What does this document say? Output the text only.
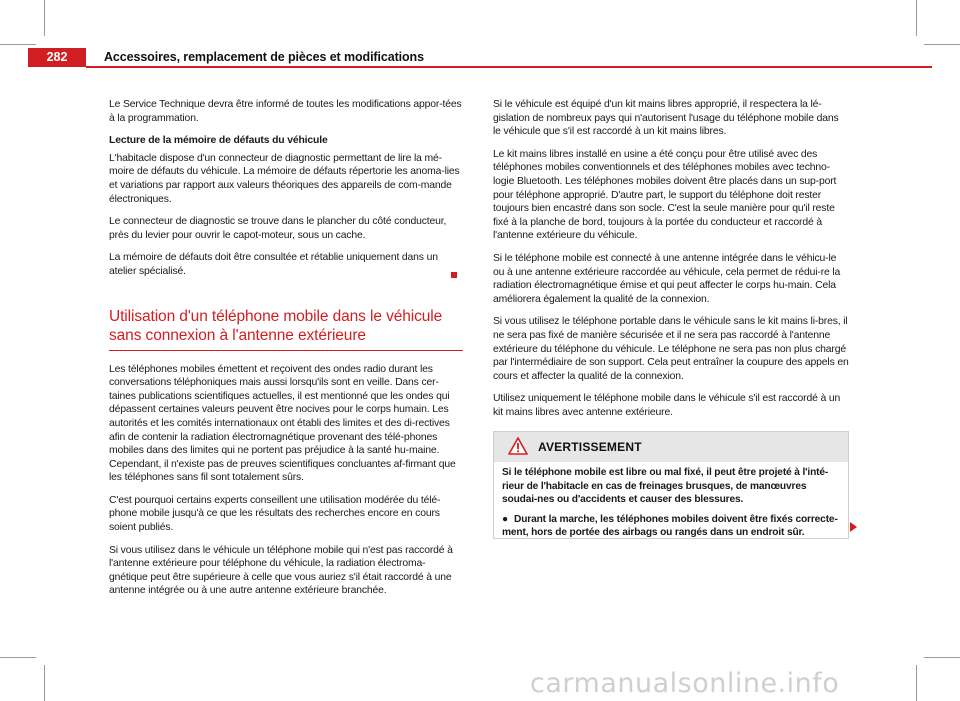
282	Accessoires, remplacement de pièces et modifications

Le Service Technique devra être informé de toutes les modifications appor-tées à la programmation.

Lecture de la mémoire de défauts du véhicule

L'habitacle dispose d'un connecteur de diagnostic permettant de lire la mé-moire de défauts du véhicule. La mémoire de défauts répertorie les anoma-lies et variations par rapport aux valeurs théoriques des appareils de com-mande électroniques.

Le connecteur de diagnostic se trouve dans le plancher du côté conducteur, près du levier pour ouvrir le capot-moteur, sous un cache.

La mémoire de défauts doit être consultée et rétablie uniquement dans un atelier spécialisé.

Utilisation d'un téléphone mobile dans le véhicule sans connexion à l'antenne extérieure

Les téléphones mobiles émettent et reçoivent des ondes radio durant les conversations téléphoniques mais aussi lorsqu'ils sont en veille. Dans cer-taines publications scientifiques actuelles, il est mentionné que les ondes qui dépassent certaines valeurs peuvent être nocives pour le corps humain. Les autorités et les comités internationaux ont établi des limites et des di-rectives afin de contenir la radiation électromagnétique provenant des télé-phones mobiles dans des limites qui ne portent pas préjudice à la santé hu-maine. Cependant, il n'existe pas de preuves scientifiques concluantes af-firmant que les téléphones sans fil sont totalement sûrs.

C'est pourquoi certains experts conseillent une utilisation modérée du télé-phone mobile jusqu'à ce que les résultats des recherches encore en cours soient publiés.

Si vous utilisez dans le véhicule un téléphone mobile qui n'est pas raccordé à l'antenne extérieure pour téléphone du véhicule, la radiation électroma-gnétique peut être supérieure à celle que vous auriez s'il était raccordé à une antenne intégrée ou à une autre antenne extérieure branchée.

Si le véhicule est équipé d'un kit mains libres approprié, il respectera la lé-gislation de nombreux pays qui n'autorisent l'usage du téléphone mobile dans le véhicule que s'il est raccordé à un kit mains libres.

Le kit mains libres installé en usine a été conçu pour être utilisé avec des téléphones mobiles conventionnels et des téléphones mobiles avec techno-logie Bluetooth. Les téléphones mobiles doivent être placés dans un sup-port pour téléphone approprié. D'autre part, le support du téléphone doit rester toujours bien encastré dans son socle. C'est la seule manière pour qu'il reste fixé à la planche de bord, toujours à la portée du conducteur et raccordé à l'antenne extérieure du véhicule.

Si le téléphone mobile est connecté à une antenne intégrée dans le véhicu-le ou à une antenne extérieure raccordée au véhicule, cela permet de rédui-re la radiation électromagnétique émise et qui peut affecter le corps hu-main. Cela améliorera également la qualité de la connexion.

Si vous utilisez le téléphone portable dans le véhicule sans le kit mains li-bres, il ne sera pas fixé de manière sécurisée et il ne sera pas raccordé à l'antenne extérieure du téléphone du véhicule. Le téléphone ne sera pas non plus chargé par l'intermédiaire de son support. Cela peut entraîner la coupure des appels en cours et affecter la qualité de la connexion.

Utilisez uniquement le téléphone mobile dans le véhicule s'il est raccordé à un kit mains libres avec antenne extérieure.

AVERTISSEMENT

Si le téléphone mobile est libre ou mal fixé, il peut être projeté à l'inté-rieur de l'habitacle en cas de freinages brusques, de manœuvres soudai-nes ou d'accidents et causer des blessures.

● Durant la marche, les téléphones mobiles doivent être fixés correcte-ment, hors de portée des airbags ou rangés dans un endroit sûr.

carmanualsonline.info
